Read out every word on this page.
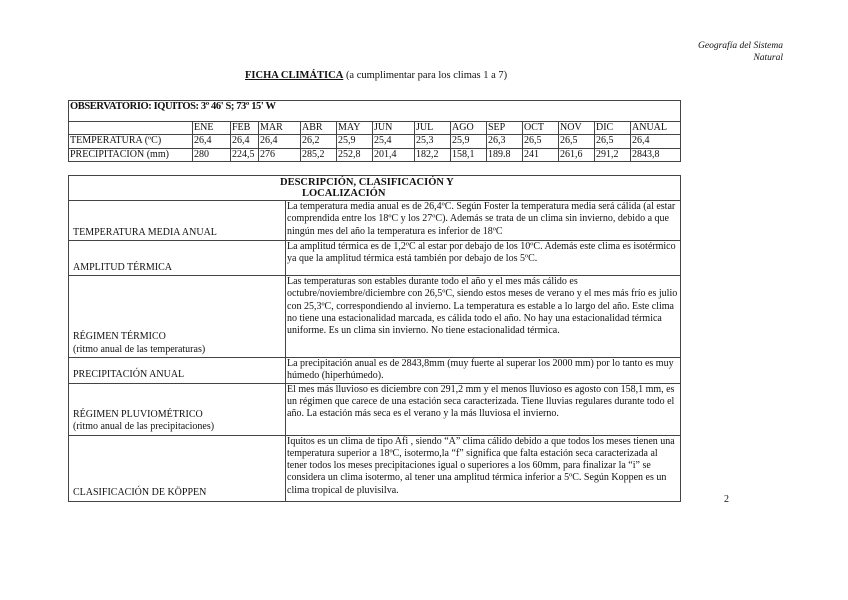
Geografía del Sistema
Natural
FICHA CLIMÁTICA (a cumplimentar para los climas 1 a 7)
OBSERVATORIO: IQUITOS: 3º 46' S; 73º 15' W													
	ENE	FEB	MAR	ABR	MAY	JUN	JUL	AGO	SEP	OCT	NOV	DIC	ANUAL
TEMPERATURA (ºC)	26,4	26,4	26,4	26,2	25,9	25,4	25,3	25,9	26,3	26,5	26,5	26,5	26,4
PRECIPITACIÓN (mm)	280	224,5	276	285,2	252,8	201,4	182,2	158,1	189.8	241	261,6	291,2	2843,8
DESCRIPCIÓN, CLASIFICACIÓN Y
LOCALIZACIÓN	

TEMPERATURA MEDIA ANUAL	La temperatura media anual es de 26,4ºC. Según Foster la temperatura media será cálida (al estar comprendida entre los 18ºC y los 27ºC). Además se trata de un clima sin invierno, debido a que ningún mes del año la temperatura es inferior de 18ºC
AMPLITUD TÉRMICA	La amplitud térmica es de 1,2ºC al estar por debajo de los 10ºC. Además este clima es isotérmico ya que la amplitud térmica está también por debajo de los 5ºC.
RÉGIMEN TÉRMICO
(ritmo anual de las temperaturas)	Las temperaturas son estables durante todo el año y el mes más cálido es octubre/noviembre/diciembre con 26,5ºC, siendo estos meses de verano y el mes más frío es julio con 25,3ºC, correspondiendo al invierno. La temperatura es estable a lo largo del año. Este clima no tiene una estacionalidad marcada, es cálida todo el año. No hay una estacionalidad térmica uniforme. Es un clima sin invierno. No tiene estacionalidad térmica.
PRECIPITACIÓN ANUAL	La precipitación anual es de 2843,8mm (muy fuerte al superar los 2000 mm) por lo tanto es muy húmedo (hiperhúmedo).
RÉGIMEN PLUVIOMÉTRICO
(ritmo anual de las precipitaciones)	El mes más lluvioso es diciembre con 291,2 mm y el menos lluvioso es agosto con 158,1 mm, es un régimen que carece de una estación seca caracterizada. Tiene lluvias regulares durante todo el año. La estación más seca es el verano y la más lluviosa el invierno.
CLASIFICACIÓN DE KÖPPEN	Iquitos es un clima de tipo Afi , siendo “A” clima cálido debido a que todos los meses tienen una temperatura superior a 18ºC, isotermo,la “f” significa que falta estación seca caracterizada al tener todos los meses precipitaciones igual o superiores a los 60mm, para finalizar la “i” se considera un clima isotermo, al tener una amplitud térmica inferior a 5ºC. Según Koppen es un clima tropical de pluvisilva.
2
